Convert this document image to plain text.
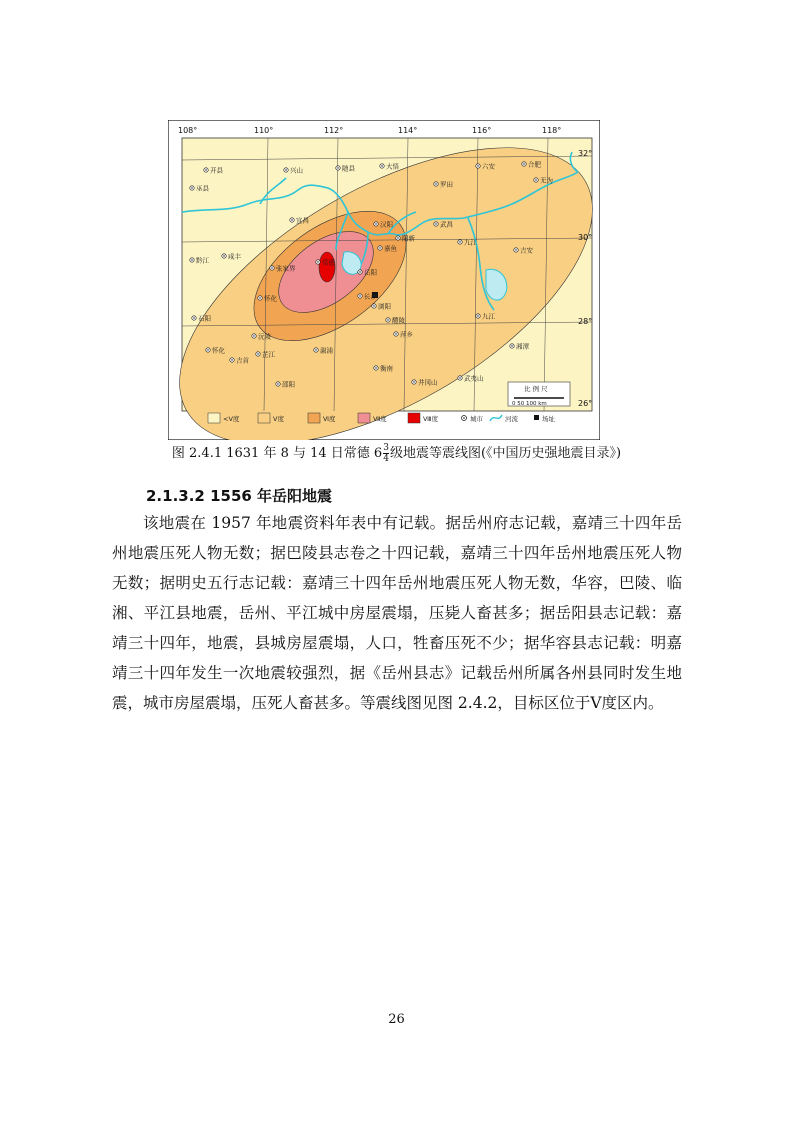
开县	兴山	随县	大悟	六安	合肥
无为
巫县	罗田
宜昌	汉阳	武昌
黔江	咸丰
张家界
常德
岳阳
嘉鱼
阳新	九江
吉安
长沙
浏阳
醴陵
萍乡
九江
怀化
石阳
沅陵
溆浦
怀化
吉首
芷江
邵阳
衡南
井冈山	武夷山
湘潭
108°	110°	112°	114°	116°	118°
32°
30°
28°
26°
比 例 尺
0 50 100 km
<V度	V度	Ⅵ度	Ⅶ度	Ⅷ度	城市	河流	场址
图 2.4.1 1631 年 8 与 14 日常德 $6 \frac{3}{4}$ 级地震等震线图(《中国历史强地震目录》)
2.1.3.2 1556 年岳阳地震

该地震在 1957 年地震资料年表中有记载。据岳州府志记载，嘉靖三十四年岳州地震压死人物无数；据巴陵县志卷之十四记载，嘉靖三十四年岳州地震压死人物无数；据明史五行志记载：嘉靖三十四年岳州地震压死人物无数，华容，巴陵、临湘、平江县地震，岳州、平江城中房屋震塌，压毙人畜甚多；据岳阳县志记载：嘉靖三十四年，地震，县城房屋震塌，人口，牲畜压死不少；据华容县志记载：明嘉靖三十四年发生一次地震较强烈，据《岳州县志》记载岳州所属各州县同时发生地震，城市房屋震塌，压死人畜甚多。等震线图见图 2.4.2，目标区位于Ⅴ度区内。

26
